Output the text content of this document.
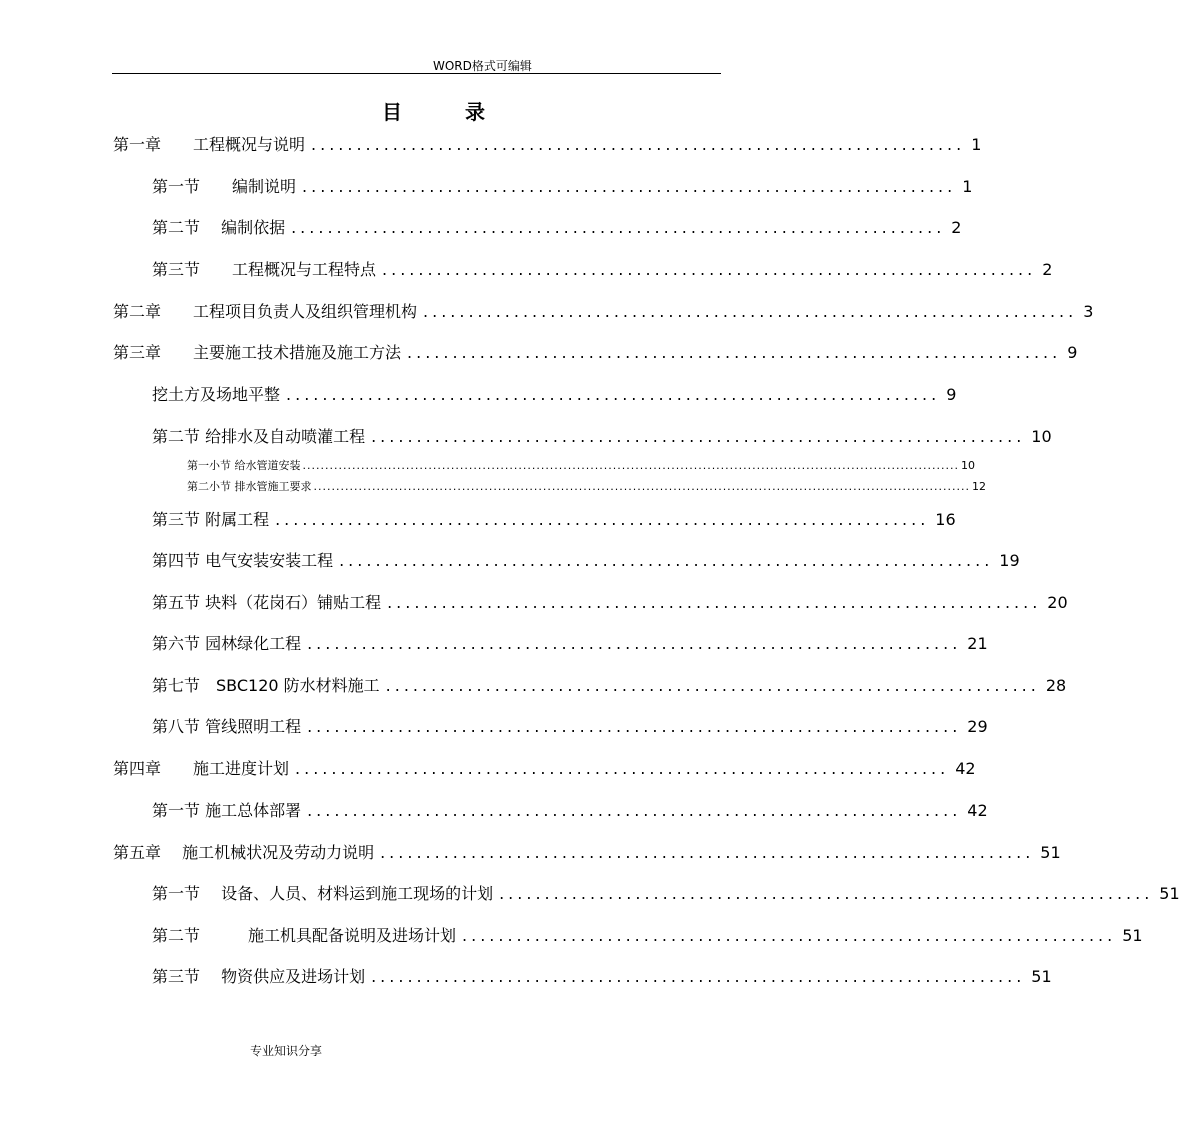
WORD格式可编辑
目 录
第一章　　工程概况与说明 ........................................................................ 1
第一节　　编制说明 ........................................................................ 1
第二节　 编制依据 ........................................................................ 2
第三节　　工程概况与工程特点 ........................................................................ 2
第二章　　工程项目负责人及组织管理机构 ........................................................................ 3
第三章　　主要施工技术措施及施工方法 ........................................................................ 9
挖土方及场地平整 ........................................................................ 9
第二节 给排水及自动喷灌工程 ........................................................................ 10
第一小节 给水管道安装 .................................................................................................................................................. 10
第二小节 排水管施工要求 .................................................................................................................................................. 12
第三节 附属工程 ........................................................................ 16
第四节 电气安装安装工程 ........................................................................ 19
第五节 块料（花岗石）铺贴工程 ........................................................................ 20
第六节 园林绿化工程 ........................................................................ 21
第七节　SBC120 防水材料施工 ........................................................................ 28
第八节 管线照明工程 ........................................................................ 29
第四章　　施工进度计划 ........................................................................ 42
第一节 施工总体部署 ........................................................................ 42
第五章　 施工机械状况及劳动力说明 ........................................................................ 51
第一节　 设备、人员、材料运到施工现场的计划 ........................................................................ 51
第二节　　　施工机具配备说明及进场计划 ........................................................................ 51
第三节　 物资供应及进场计划 ........................................................................ 51
专业知识分享
